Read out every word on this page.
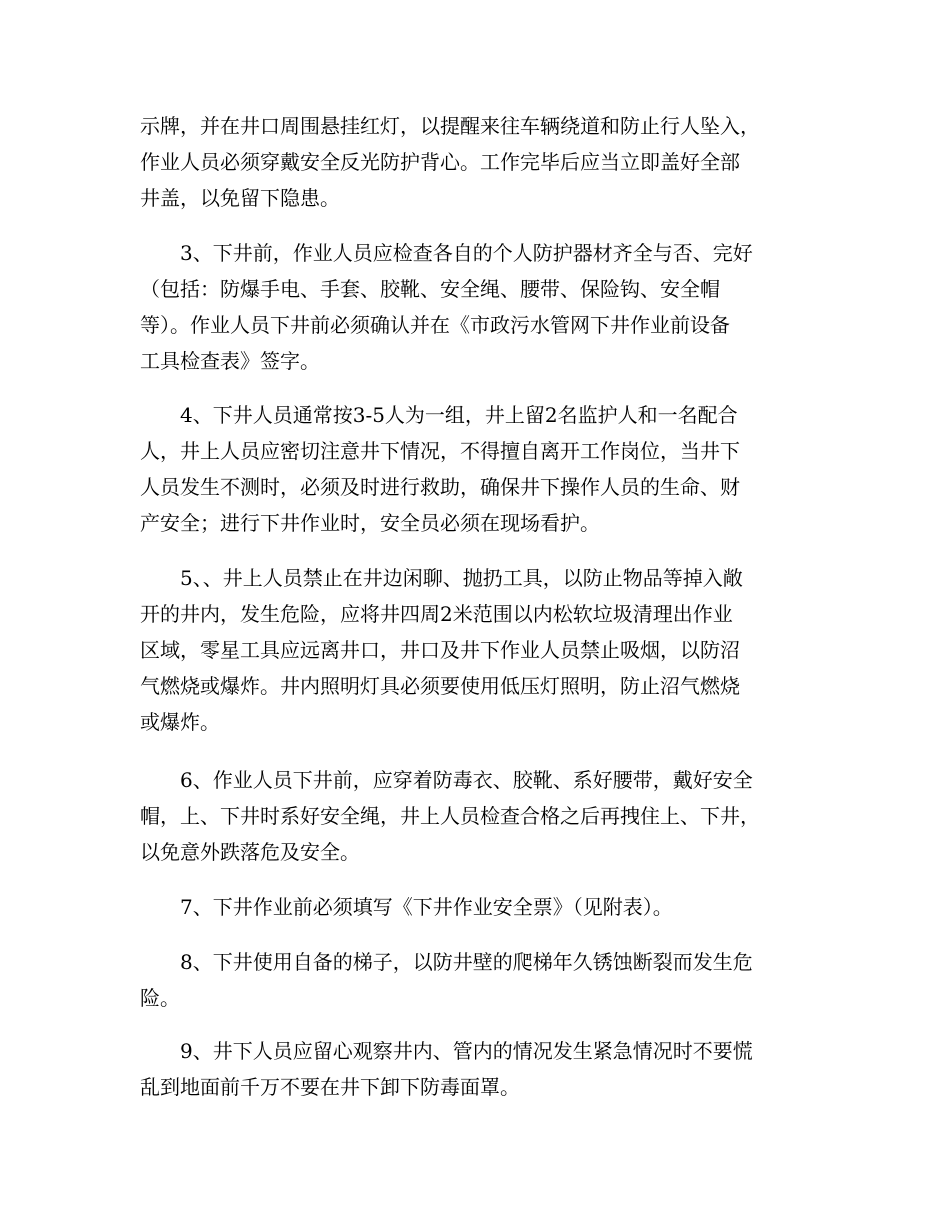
示牌，并在井口周围悬挂红灯，以提醒来往车辆绕道和防止行人坠入，
作业人员必须穿戴安全反光防护背心。工作完毕后应当立即盖好全部
井盖，以免留下隐患。
3、下井前，作业人员应检查各自的个人防护器材齐全与否、完好
（包括：防爆手电、手套、胶靴、安全绳、腰带、保险钩、安全帽
等）。作业人员下井前必须确认并在《市政污水管网下井作业前设备
工具检查表》签字。
4、下井人员通常按3-5人为一组，井上留2名监护人和一名配合
人，井上人员应密切注意井下情况，不得擅自离开工作岗位，当井下
人员发生不测时，必须及时进行救助，确保井下操作人员的生命、财
产安全；进行下井作业时，安全员必须在现场看护。
5、、井上人员禁止在井边闲聊、抛扔工具，以防止物品等掉入敞
开的井内，发生危险，应将井四周2米范围以内松软垃圾清理出作业
区域，零星工具应远离井口，井口及井下作业人员禁止吸烟，以防沼
气燃烧或爆炸。井内照明灯具必须要使用低压灯照明，防止沼气燃烧
或爆炸。
6、作业人员下井前，应穿着防毒衣、胶靴、系好腰带，戴好安全
帽，上、下井时系好安全绳，井上人员检查合格之后再拽住上、下井，
以免意外跌落危及安全。
7、下井作业前必须填写《下井作业安全票》（见附表）。
8、下井使用自备的梯子，以防井壁的爬梯年久锈蚀断裂而发生危
险。
9、井下人员应留心观察井内、管内的情况发生紧急情况时不要慌
乱到地面前千万不要在井下卸下防毒面罩。
